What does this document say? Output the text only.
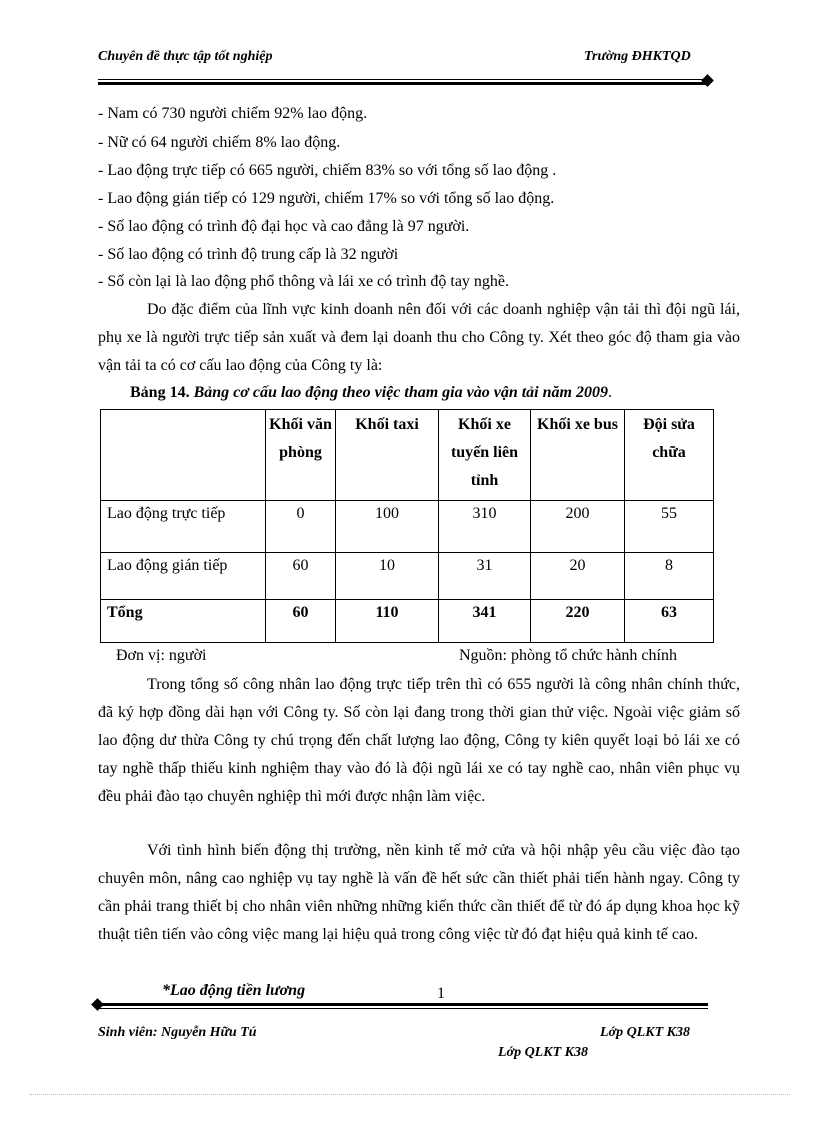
Chuyên đề thực tập tốt nghiệp	Trường ĐHKTQD
- Nam có 730 người chiếm 92% lao động.
- Nữ có 64 người chiếm 8% lao động.
- Lao động trực tiếp có 665 người, chiếm 83% so với tổng số lao động .
- Lao động gián tiếp có 129 người, chiếm 17% so với tổng số lao động.
- Số lao động có trình độ đại học và cao đẳng là 97 người.
- Số lao động có trình độ trung cấp là 32 người
- Số còn lại là lao động phổ thông và lái xe có trình độ tay nghề.

Do đặc điểm của lĩnh vực kinh doanh nên đối với các doanh nghiệp vận tải thì đội ngũ lái, phụ xe là người trực tiếp sản xuất và đem lại doanh thu cho Công ty. Xét theo góc độ tham gia vào vận tải ta có cơ cấu lao động của Công ty là:

Bảng 14. Bảng cơ cấu lao động theo việc tham gia vào vận tải năm 2009.
	Khối văn phòng	Khối taxi	Khối xe tuyến liên tỉnh	Khối xe bus	Đội sửa chữa
Lao động trực tiếp	0	100	310	200	55
Lao động gián tiếp	60	10	31	20	8
Tổng	60	110	341	220	63
Đơn vị: người	Nguồn: phòng tổ chức hành chính

Trong tổng số công nhân lao động trực tiếp trên thì có 655 người là công nhân chính thức, đã ký hợp đồng dài hạn với Công ty. Số còn lại đang trong thời gian thử việc. Ngoài việc giảm số lao động dư thừa Công ty chú trọng đến chất lượng lao động, Công ty kiên quyết loại bỏ lái xe có tay nghề thấp thiếu kinh nghiệm thay vào đó là đội ngũ lái xe có tay nghề cao, nhân viên phục vụ đều phải đào tạo chuyên nghiệp thì mới được nhận làm việc.

Với tình hình biến động thị trường, nền kinh tế mở cửa và hội nhập yêu cầu việc đào tạo chuyên môn, nâng cao nghiệp vụ tay nghề là vấn đề hết sức cần thiết phải tiến hành ngay. Công ty cần phải trang thiết bị cho nhân viên những những kiến thức cần thiết để từ đó áp dụng khoa học kỹ thuật tiên tiến vào công việc mang lại hiệu quả trong công việc từ đó đạt hiệu quả kinh tế cao.

*Lao động tiền lương	1
Sinh viên: Nguyễn Hữu Tú	Lớp QLKT K38
Lớp QLKT K38
